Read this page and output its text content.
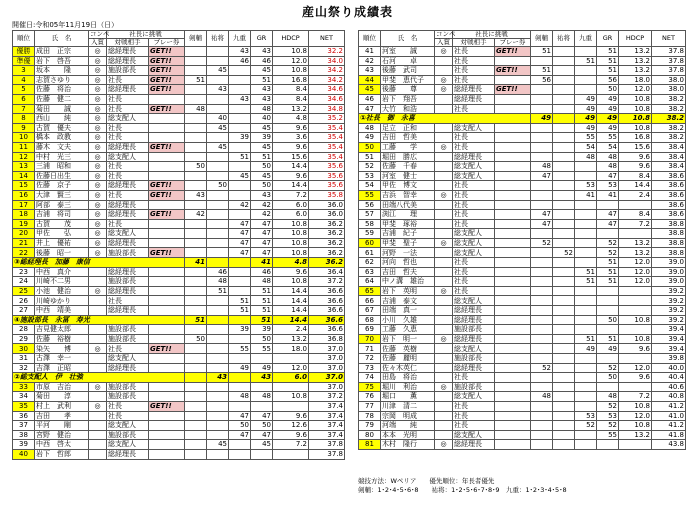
産山祭り成績表
開催日:令和05年11月19日（日）
順位	氏　名	コンペ	社長に挑戦		剣輔	祐将	九重	GR	HDCP	NET
		入賞	対戦相手	プレー券						
優勝	成田　正宗	◎	総経理長	GET!!			43	43	10.8	32.2
準優	岩下　啓吾	◎	総経理長	GET!!			46	46	12.0	34.0
3	坂本　　隆	◎	施設部長	GET!!		45		45	10.8	34.2
4	志賀さゆり	◎	社長	GET!!	51			51	16.8	34.2
5	佐藤　将治	◎	総経理長	GET!!		43		43	8.4	34.6
6	佐藤　健二	◎	社長				43	43	8.4	34.6
7	菊田　　誠	◎	社長	GET!!	48			48	13.2	34.8
8	西山　　純	◎	総支配人			40		40	4.8	35.2
9	古賀　優夫	◎	社長			45		45	9.6	35.4
10	橋本　政教	◎	社長				39	39	3.6	35.4
11	藤木　文夫	◎	総経理長	GET!!		45		45	9.6	35.4
12	中村　光三	◎	総支配人				51	51	15.6	35.4
13	三浦　昭和	◎	社長		50			50	14.4	35.6
14	佐藤日出生	◎	社長				45	45	9.6	35.6
15	佐藤　京子	◎	総経理長	GET!!		50		50	14.4	35.6
16	大津　賢三	◎	社長	GET!!	43			43	7.2	35.8
17	阿部　泰三	◎	総経理長				42	42	6.0	36.0
18	吉浦　将司	◎	総経理長	GET!!	42			42	6.0	36.0
19	古賀　　茂	◎	社長				47	47	10.8	36.2
20	甲佐　　弘	◎	総支配人				47	47	10.8	36.2
21	井上　優祐	◎	総経理長				47	47	10.8	36.2
22	後藤　昭一	◎	施設部長	GET!!			47	47	10.8	36.2
③総経理長　加藤　康信					41			41	4.8	36.2
23	中西　真介		総経理長			46		46	9.6	36.4
24	川崎不二男		施設部長			48		48	10.8	37.2
25	小池　健治	◎	総経理長			51		51	14.4	36.6
26	川崎ゆかり		社長				51	51	14.4	36.6
27	中西　靖美		総経理長				51	51	14.4	36.6
④施設部長　永冨　寿光					51			51	14.4	36.6
28	吉見健太郎		施設部長				39	39	2.4	36.6
29	佐藤　裕樹		施設部長		50			50	13.2	36.8
30	染矢　　博	◎	社長	GET!!			55	55	18.0	37.0
31	古澤　幸一		総支配人							37.0
32	吉澤　正昭		総経理長				49	49	12.0	37.0
②総支配人　伊　壮強						43		43	6.0	37.0
33	市原　吉治	◎	施設部長							37.0
34	菊田　　淳		施設部長				48	48	10.8	37.2
35	村上　武利	◎	社長	GET!!						37.4
36	吉田　　孝		社長				47	47	9.6	37.4
37	平河　　剛		総支配人				50	50	12.6	37.4
38	宮野　健治		施設部長				47	47	9.6	37.4
39	中西　啓太		総支配人			45		45	7.2	37.8
40	岩下　哲郎		総経理長							37.8
順位	氏　名	コンペ	社長に挑戦		剣輔	祐将	九重	GR	HDCP	NET
		入賞	対戦相手	プレー券						
41	河室　　誠	◎	社長	GET!!	51			51	13.2	37.8
42	石河　　卓		社長				51	51	13.2	37.8
43	後藤　武司		社長	GET!!	51			51	13.2	37.8
44	甲斐　恵代子	◎	社長		56			56	18.0	38.0
45	後藤　　尊	◎	総経理長	GET!!				50	12.0	38.0
46	岩下　翔吾		総経理長				49	49	10.8	38.2
47	大竹　和浩		社長				49	49	10.8	38.2
①社長　御　永喜					49		49	49	10.8	38.2
48	足立　正和		総支配人				49	49	10.8	38.2
49	吉田　哲美		社長				55	55	16.8	38.2
50	工藤　　学	◎	社長				54	54	15.6	38.4
51	堀田　勝広		総経理長				48	48	9.6	38.4
52	佐藤　千春		総支配人		48			48	9.6	38.4
53	河室　健士		総支配人		47			47	8.4	38.6
54	甲佐　博文		社長				53	53	14.4	38.6
55	吉浜　智幸	◎	社長				41	41	2.4	38.6
56	田端八代美		社長							38.6
57	渕江　　理		社長		47			47	8.4	38.6
58	甲斐　琢裕		社長		47			47	7.2	38.8
59	吉浦　紀子		総支配人							38.8
60	甲斐　聖子	◎	総支配人		52			52	13.2	38.8
61	河野　一法		総支配人			52		52	13.2	38.8
62	河向　哲也		社長					51	12.0	39.0
63	吉田　哲夫		社長				51	51	12.0	39.0
64	中ノ溝　雄治		社長				51	51	12.0	39.0
65	岩下　英明	◎	社長							39.2
66	吉浦　泰文		総支配人							39.2
67	田端　真一		総経理長							39.2
68	小川　久雄		総経理長					50	10.8	39.2
69	工藤　久恵		施設部長							39.4
70	岩下　明一	◎	総経理長				51	51	10.8	39.4
71	佐藤　英樹		総支配人				49	49	9.6	39.4
72	佐藤　麗明		施設部長							39.8
73	佐々木英仁		総経理長		52			52	12.0	40.0
74	田島　将治		社長					50	9.6	40.4
75	堀川　利治	◎	施設部長							40.6
76	堀口　　薫		総支配人		48			48	7.2	40.8
77	川津　清二		社長					52	10.8	41.2
78	宗岡　明成		社長				53	53	12.0	41.0
79	河端　　純		社長				52	52	10.8	41.2
80	本本　光明		総支配人					55	13.2	41.8
81	木村　隆行	◎	総経理長							43.8
競技方法：Wペリア　　優先順位：年長者優先
剣輔：1･2･4･5･6･8　　祐将：1･2･5･6･7･8･9　九重：1･2･3･4･5･8
